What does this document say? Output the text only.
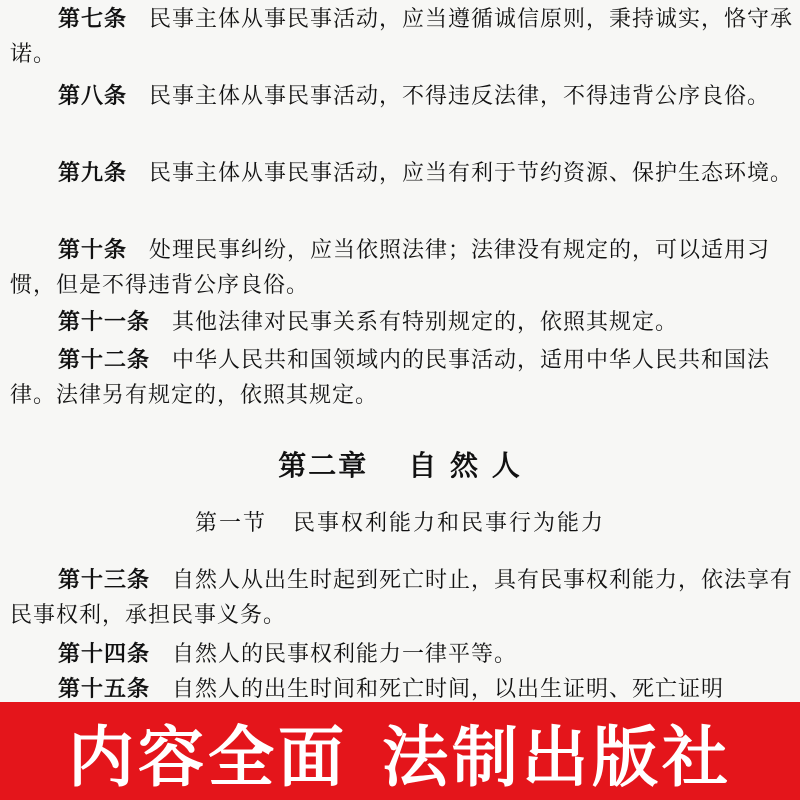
第七条 民事主体从事民事活动，应当遵循诚信原则，秉持诚实，恪守承诺。

第八条 民事主体从事民事活动，不得违反法律，不得违背公序良俗。

第九条 民事主体从事民事活动，应当有利于节约资源、保护生态环境。

第十条 处理民事纠纷，应当依照法律；法律没有规定的，可以适用习惯，但是不得违背公序良俗。

第十一条 其他法律对民事关系有特别规定的，依照其规定。

第十二条 中华人民共和国领域内的民事活动，适用中华人民共和国法律。法律另有规定的，依照其规定。

第二章 自 然 人
第一节 民事权利能力和民事行为能力

第十三条 自然人从出生时起到死亡时止，具有民事权利能力，依法享有民事权利，承担民事义务。

第十四条 自然人的民事权利能力一律平等。

第十五条 自然人的出生时间和死亡时间，以出生证明、死亡证明

内容全面 法制出版社
